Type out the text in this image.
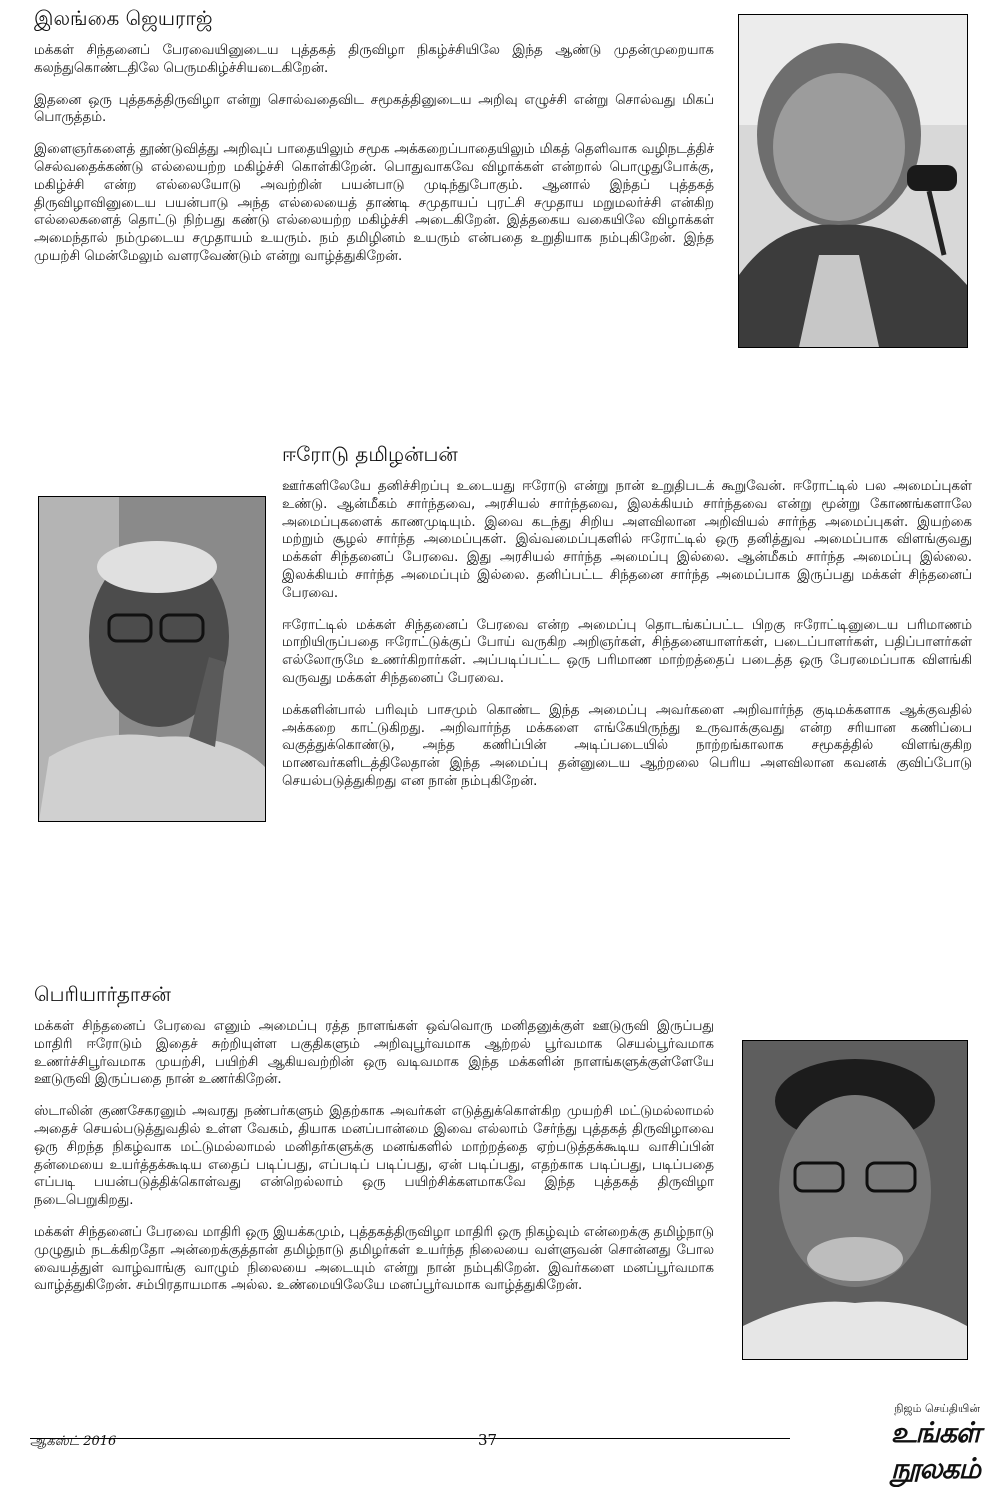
இலங்கை ஜெயராஜ்

மக்கள் சிந்தனைப் பேரவையினுடைய புத்தகத் திருவிழா நிகழ்ச்சியிலே இந்த ஆண்டு முதன்முறையாக கலந்துகொண்டதிலே பெருமகிழ்ச்சியடைகிறேன்.

இதனை ஒரு புத்தகத்திருவிழா என்று சொல்வதைவிட சமூகத்தினுடைய அறிவு எழுச்சி என்று சொல்வது மிகப் பொருத்தம்.

இளைஞர்களைத் தூண்டுவித்து அறிவுப் பாதையிலும் சமூக அக்கறைப்பாதையிலும் மிகத் தெளிவாக வழிநடத்திச் செல்வதைக்கண்டு எல்லையற்ற மகிழ்ச்சி கொள்கிறேன். பொதுவாகவே விழாக்கள் என்றால் பொழுதுபோக்கு, மகிழ்ச்சி என்ற எல்லையோடு அவற்றின் பயன்பாடு முடிந்துபோகும். ஆனால் இந்தப் புத்தகத் திருவிழாவினுடைய பயன்பாடு அந்த எல்லையைத் தாண்டி சமுதாயப் புரட்சி சமுதாய மறுமலர்ச்சி என்கிற எல்லைகளைத் தொட்டு நிற்பது கண்டு எல்லையற்ற மகிழ்ச்சி அடைகிறேன். இத்தகைய வகையிலே விழாக்கள் அமைந்தால் நம்முடைய சமுதாயம் உயரும். நம் தமிழினம் உயரும் என்பதை உறுதியாக நம்புகிறேன். இந்த முயற்சி மென்மேலும் வளரவேண்டும் என்று வாழ்த்துகிறேன்.

ஈரோடு தமிழன்பன்

ஊர்களிலேயே தனிச்சிறப்பு உடையது ஈரோடு என்று நான் உறுதிபடக் கூறுவேன். ஈரோட்டில் பல அமைப்புகள் உண்டு. ஆன்மீகம் சார்ந்தவை, அரசியல் சார்ந்தவை, இலக்கியம் சார்ந்தவை என்று மூன்று கோணங்களாலே அமைப்புகளைக் காணமுடியும். இவை கடந்து சிறிய அளவிலான அறிவியல் சார்ந்த அமைப்புகள். இயற்கை மற்றும் சூழல் சார்ந்த அமைப்புகள். இவ்வமைப்புகளில் ஈரோட்டில் ஒரு தனித்துவ அமைப்பாக விளங்குவது மக்கள் சிந்தனைப் பேரவை. இது அரசியல் சார்ந்த அமைப்பு இல்லை. ஆன்மீகம் சார்ந்த அமைப்பு இல்லை. இலக்கியம் சார்ந்த அமைப்பும் இல்லை. தனிப்பட்ட சிந்தனை சார்ந்த அமைப்பாக இருப்பது மக்கள் சிந்தனைப் பேரவை.

ஈரோட்டில் மக்கள் சிந்தனைப் பேரவை என்ற அமைப்பு தொடங்கப்பட்ட பிறகு ஈரோட்டினுடைய பரிமாணம் மாறியிருப்பதை ஈரோட்டுக்குப் போய் வருகிற அறிஞர்கள், சிந்தனையாளர்கள், படைப்பாளர்கள், பதிப்பாளர்கள் எல்லோருமே உணர்கிறார்கள். அப்படிப்பட்ட ஒரு பரிமாண மாற்றத்தைப் படைத்த ஒரு பேரமைப்பாக விளங்கி வருவது மக்கள் சிந்தனைப் பேரவை.

மக்களின்பால் பரிவும் பாசமும் கொண்ட இந்த அமைப்பு அவர்களை அறிவார்ந்த குடிமக்களாக ஆக்குவதில் அக்கறை காட்டுகிறது. அறிவார்ந்த மக்களை எங்கேயிருந்து உருவாக்குவது என்ற சரியான கணிப்பை வகுத்துக்கொண்டு, அந்த கணிப்பின் அடிப்படையில் நாற்றங்காலாக சமூகத்தில் விளங்குகிற மாணவர்களிடத்திலேதான் இந்த அமைப்பு தன்னுடைய ஆற்றலை பெரிய அளவிலான கவனக் குவிப்போடு செயல்படுத்துகிறது என நான் நம்புகிறேன்.

பெரியார்தாசன்

மக்கள் சிந்தனைப் பேரவை எனும் அமைப்பு ரத்த நாளங்கள் ஒவ்வொரு மனிதனுக்குள் ஊடுருவி இருப்பது மாதிரி ஈரோடும் இதைச் சுற்றியுள்ள பகுதிகளும் அறிவுபூர்வமாக ஆற்றல் பூர்வமாக செயல்பூர்வமாக உணர்ச்சிபூர்வமாக முயற்சி, பயிற்சி ஆகியவற்றின் ஒரு வடிவமாக இந்த மக்களின் நாளங்களுக்குள்ளேயே ஊடுருவி இருப்பதை நான் உணர்கிறேன்.

ஸ்டாலின் குணசேகரனும் அவரது நண்பர்களும் இதற்காக அவர்கள் எடுத்துக்கொள்கிற முயற்சி மட்டுமல்லாமல் அதைச் செயல்படுத்துவதில் உள்ள வேகம், தியாக மனப்பான்மை இவை எல்லாம் சேர்ந்து புத்தகத் திருவிழாவை ஒரு சிறந்த நிகழ்வாக மட்டுமல்லாமல் மனிதர்களுக்கு மனங்களில் மாற்றத்தை ஏற்படுத்தக்கூடிய வாசிப்பின் தன்மையை உயர்த்தக்கூடிய எதைப் படிப்பது, எப்படிப் படிப்பது, ஏன் படிப்பது, எதற்காக படிப்பது, படிப்பதை எப்படி பயன்படுத்திக்கொள்வது என்றெல்லாம் ஒரு பயிற்சிக்களமாகவே இந்த புத்தகத் திருவிழா நடைபெறுகிறது.

மக்கள் சிந்தனைப் பேரவை மாதிரி ஒரு இயக்கமும், புத்தகத்திருவிழா மாதிரி ஒரு நிகழ்வும் என்றைக்கு தமிழ்நாடு முழுதும் நடக்கிறதோ அன்றைக்குத்தான் தமிழ்நாடு தமிழர்கள் உயர்ந்த நிலையை வள்ளுவன் சொன்னது போல வையத்துள் வாழ்வாங்கு வாழும் நிலையை அடையும் என்று நான் நம்புகிறேன். இவர்களை மனப்பூர்வமாக வாழ்த்துகிறேன். சம்பிரதாயமாக அல்ல. உண்மையிலேயே மனப்பூர்வமாக வாழ்த்துகிறேன்.

ஆகஸ்ட் 2016	37
நிஜம் செய்தியின்
உங்கள் நூலகம்
